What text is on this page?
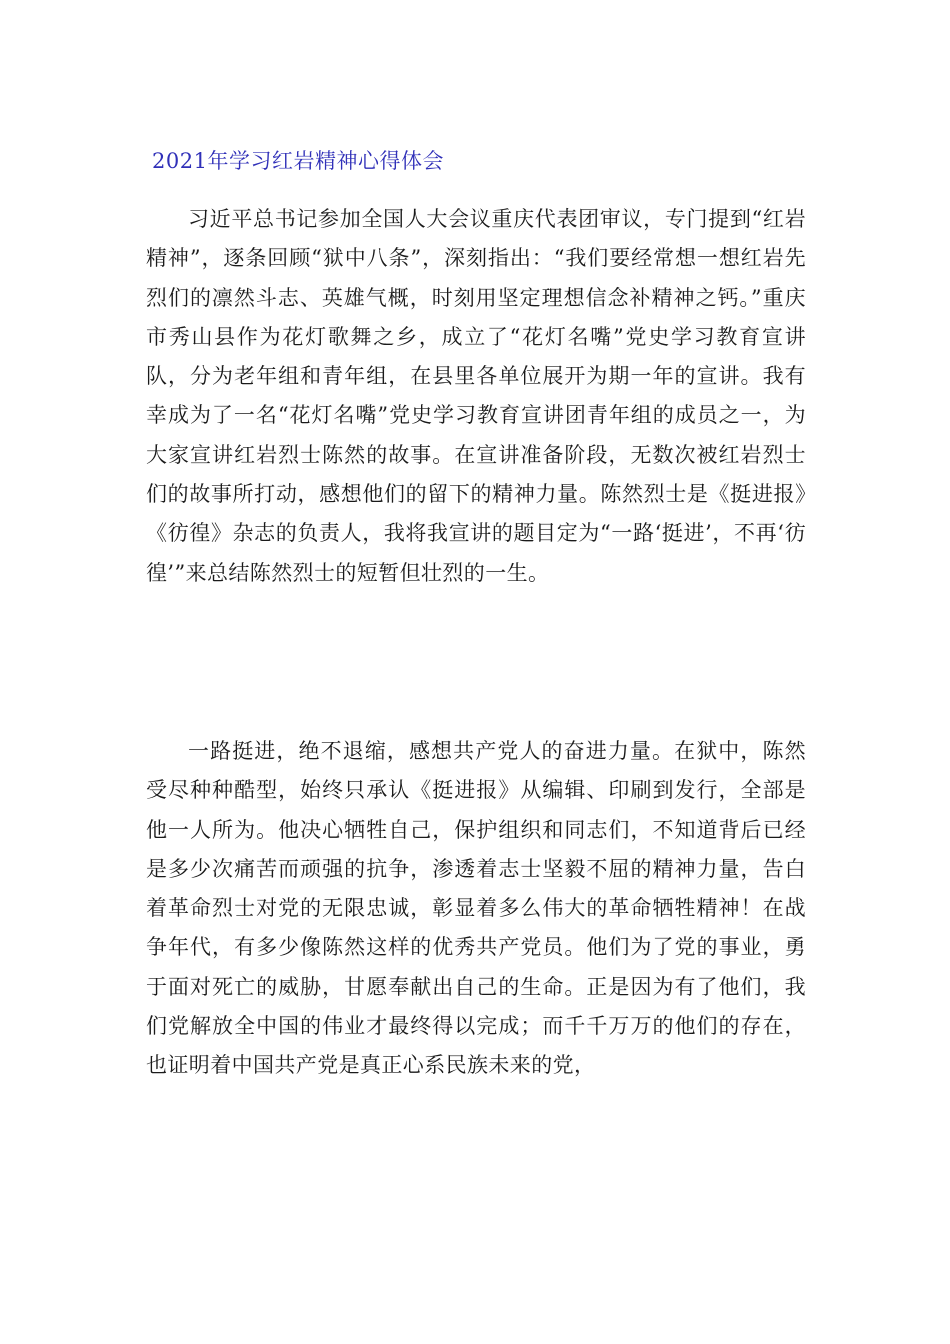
2021年学习红岩精神心得体会

习近平总书记参加全国人大会议重庆代表团审议，专门提到“红岩精神”，逐条回顾“狱中八条”，深刻指出：“我们要经常想一想红岩先烈们的凛然斗志、英雄气概，时刻用坚定理想信念补精神之钙。”重庆市秀山县作为花灯歌舞之乡，成立了“花灯名嘴”党史学习教育宣讲队，分为老年组和青年组，在县里各单位展开为期一年的宣讲。我有幸成为了一名“花灯名嘴”党史学习教育宣讲团青年组的成员之一，为大家宣讲红岩烈士陈然的故事。在宣讲准备阶段，无数次被红岩烈士们的故事所打动，感想他们的留下的精神力量。陈然烈士是《挺进报》《彷徨》杂志的负责人，我将我宣讲的题目定为“一路‘挺进’，不再‘彷徨’”来总结陈然烈士的短暂但壮烈的一生。

一路挺进，绝不退缩，感想共产党人的奋进力量。在狱中，陈然受尽种种酷型，始终只承认《挺进报》从编辑、印刷到发行，全部是他一人所为。他决心牺牲自己，保护组织和同志们，不知道背后已经是多少次痛苦而顽强的抗争，渗透着志士坚毅不屈的精神力量，告白着革命烈士对党的无限忠诚，彰显着多么伟大的革命牺牲精神！在战争年代，有多少像陈然这样的优秀共产党员。他们为了党的事业，勇于面对死亡的威胁，甘愿奉献出自己的生命。正是因为有了他们，我们党解放全中国的伟业才最终得以完成；而千千万万的他们的存在，也证明着中国共产党是真正心系民族未来的党，
